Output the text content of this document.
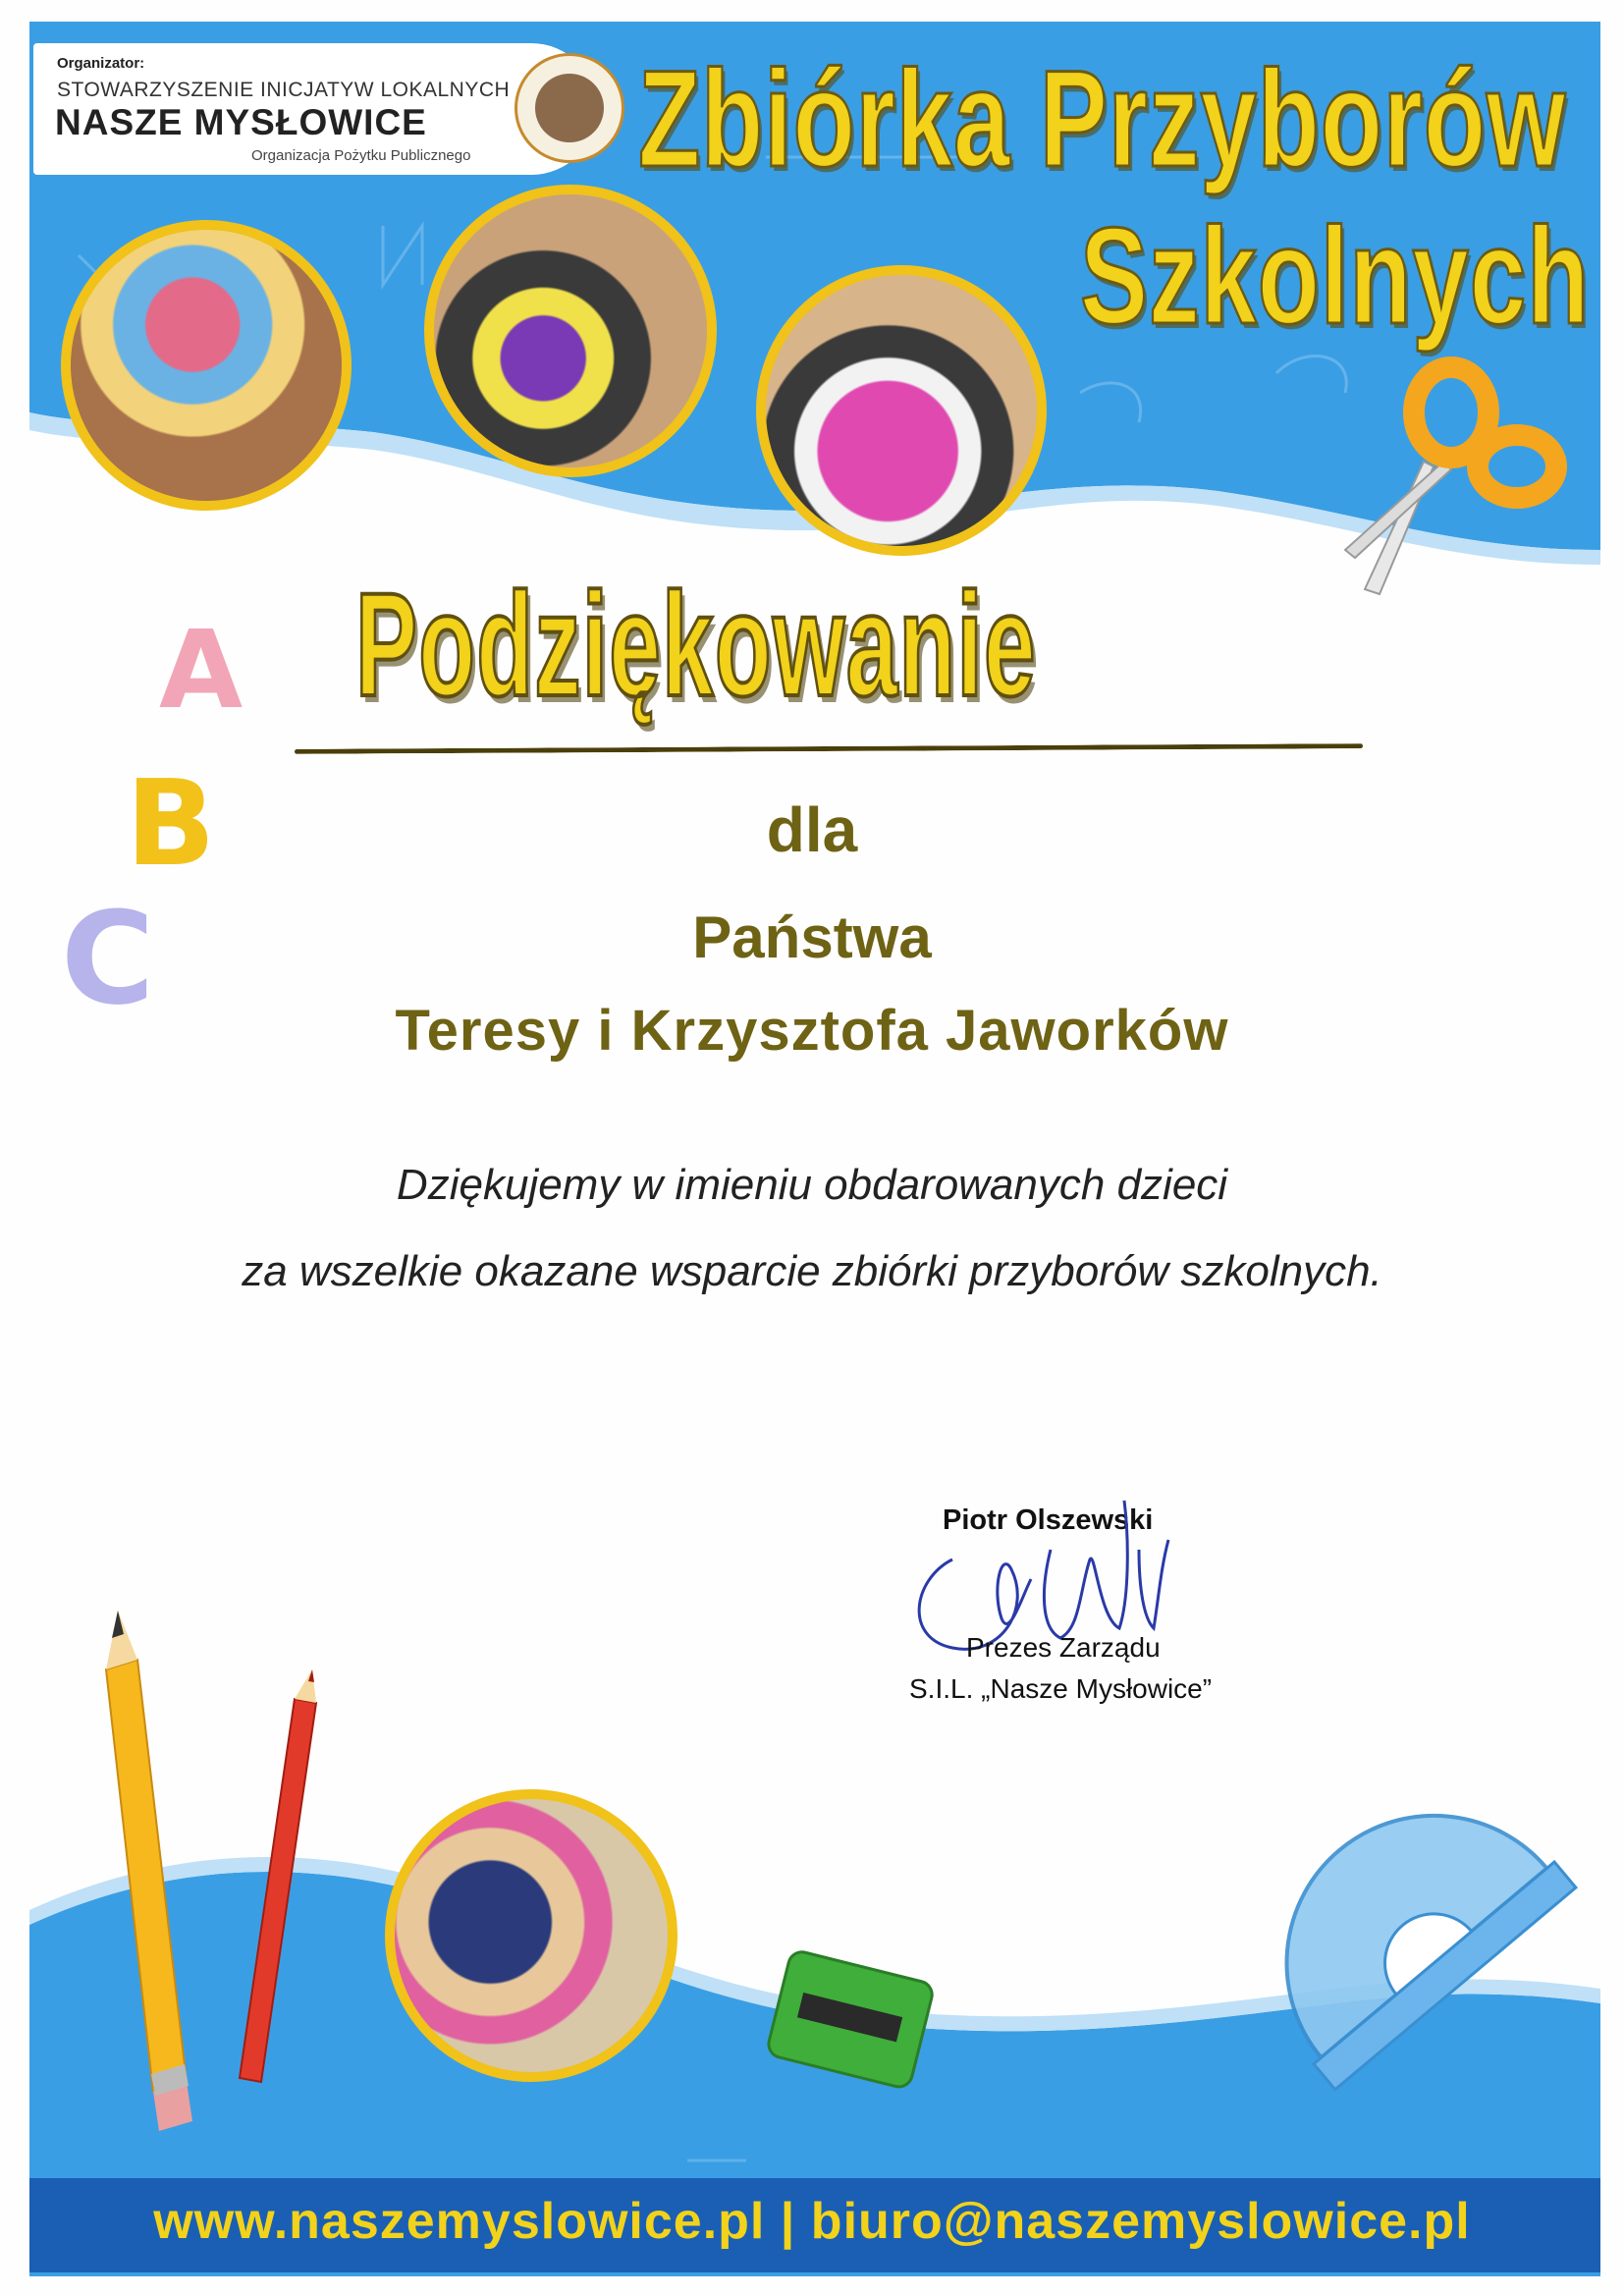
Organizator:
STOWARZYSZENIE INICJATYW LOKALNYCH
NASZE MYSŁOWICE
Organizacja Pożytku Publicznego Zbiórka Przyborów
Szkolnych
A
B
C
Podziękowanie
dla
Państwa
Teresy i Krzysztofa Jaworków
Dziękujemy w imieniu obdarowanych dzieci
za wszelkie okazane wsparcie zbiórki przyborów szkolnych.
Piotr Olszewski
Prezes Zarządu
S.I.L. „Nasze Mysłowice”
www.naszemyslowice.pl | biuro@naszemyslowice.pl
